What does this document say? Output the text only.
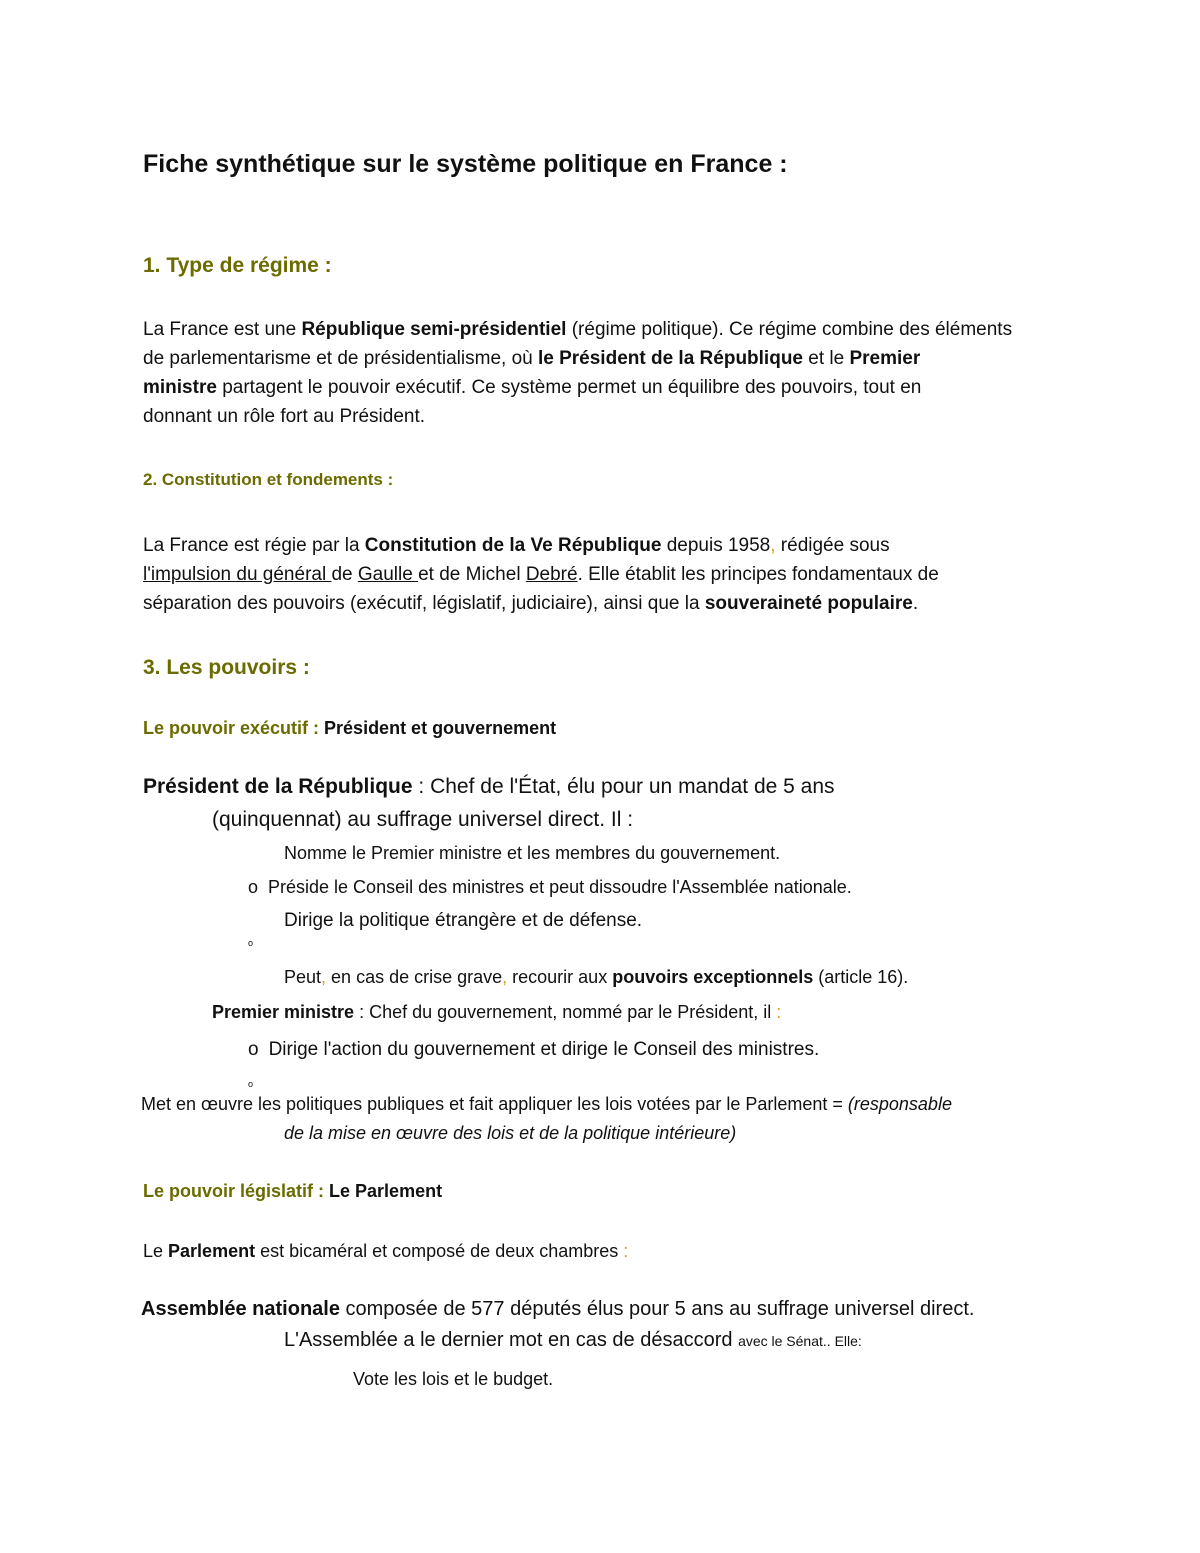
Fiche synthétique sur le système politique en France :
1. Type de régime :
La France est une République semi-présidentiel (régime politique). Ce régime combine des éléments
de parlementarisme et de présidentialisme, où le Président de la République et le Premier
ministre partagent le pouvoir exécutif. Ce système permet un équilibre des pouvoirs, tout en
donnant un rôle fort au Président.
2. Constitution et fondements :
La France est régie par la Constitution de la Ve République depuis 1958, rédigée sous
l'impulsion du général de Gaulle et de Michel Debré. Elle établit les principes fondamentaux de
séparation des pouvoirs (exécutif, législatif, judiciaire), ainsi que la souveraineté populaire.
3. Les pouvoirs :
Le pouvoir exécutif : Président et gouvernement
Président de la République : Chef de l'État, élu pour un mandat de 5 ans
(quinquennat) au suffrage universel direct. Il :
Nomme le Premier ministre et les membres du gouvernement.
o Préside le Conseil des ministres et peut dissoudre l'Assemblée nationale.
Dirige la politique étrangère et de défense.
o
Peut, en cas de crise grave, recourir aux pouvoirs exceptionnels (article 16).
Premier ministre : Chef du gouvernement, nommé par le Président, il :
o Dirige l'action du gouvernement et dirige le Conseil des ministres.
o
Met en œuvre les politiques publiques et fait appliquer les lois votées par le Parlement = (responsable
de la mise en œuvre des lois et de la politique intérieure)
Le pouvoir législatif : Le Parlement
Le Parlement est bicaméral et composé de deux chambres :
Assemblée nationale composée de 577 députés élus pour 5 ans au suffrage universel direct.
L'Assemblée a le dernier mot en cas de désaccord avec le Sénat.. Elle:
Vote les lois et le budget.
